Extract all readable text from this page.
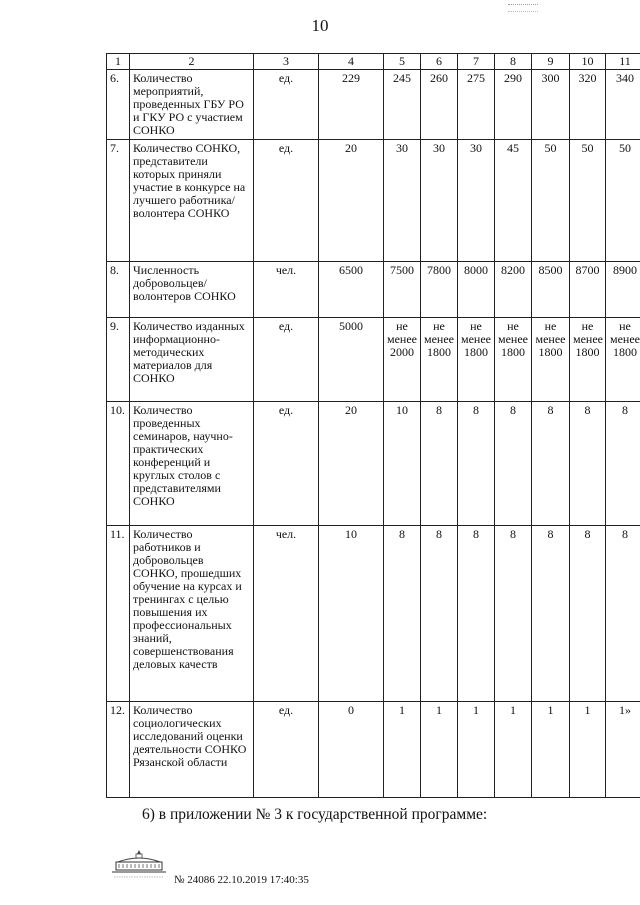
10
1	2	3	4	5	6	7	8	9	10	11
6.	Количество мероприятий, проведенных ГБУ РО и ГКУ РО с участием СОНКО	ед.	229	245	260	275	290	300	320	340
7.	Количество СОНКО, представители которых приняли участие в конкурсе на лучшего работника/волонтера СОНКО	ед.	20	30	30	30	45	50	50	50
8.	Численность добровольцев/ волонтеров СОНКО	чел.	6500	7500	7800	8000	8200	8500	8700	8900
9.	Количество изданных информационно-методических материалов для СОНКО	ед.	5000	не менее 2000	не менее 1800	не менее 1800	не менее 1800	не менее 1800	не менее 1800	не менее 1800
10.	Количество проведенных семинаров, научно-практических конференций и круглых столов с представителями СОНКО	ед.	20	10	8	8	8	8	8	8
11.	Количество работников и добровольцев СОНКО, прошедших обучение на курсах и тренингах с целью повышения их профессиональных знаний, совершенствования деловых качеств	чел.	10	8	8	8	8	8	8	8
12.	Количество социологических исследований оценки деятельности СОНКО Рязанской области	ед.	0	1	1	1	1	1	1	1»
6) в приложении № 3 к государственной программе:
№ 24086 22.10.2019 17:40:35
